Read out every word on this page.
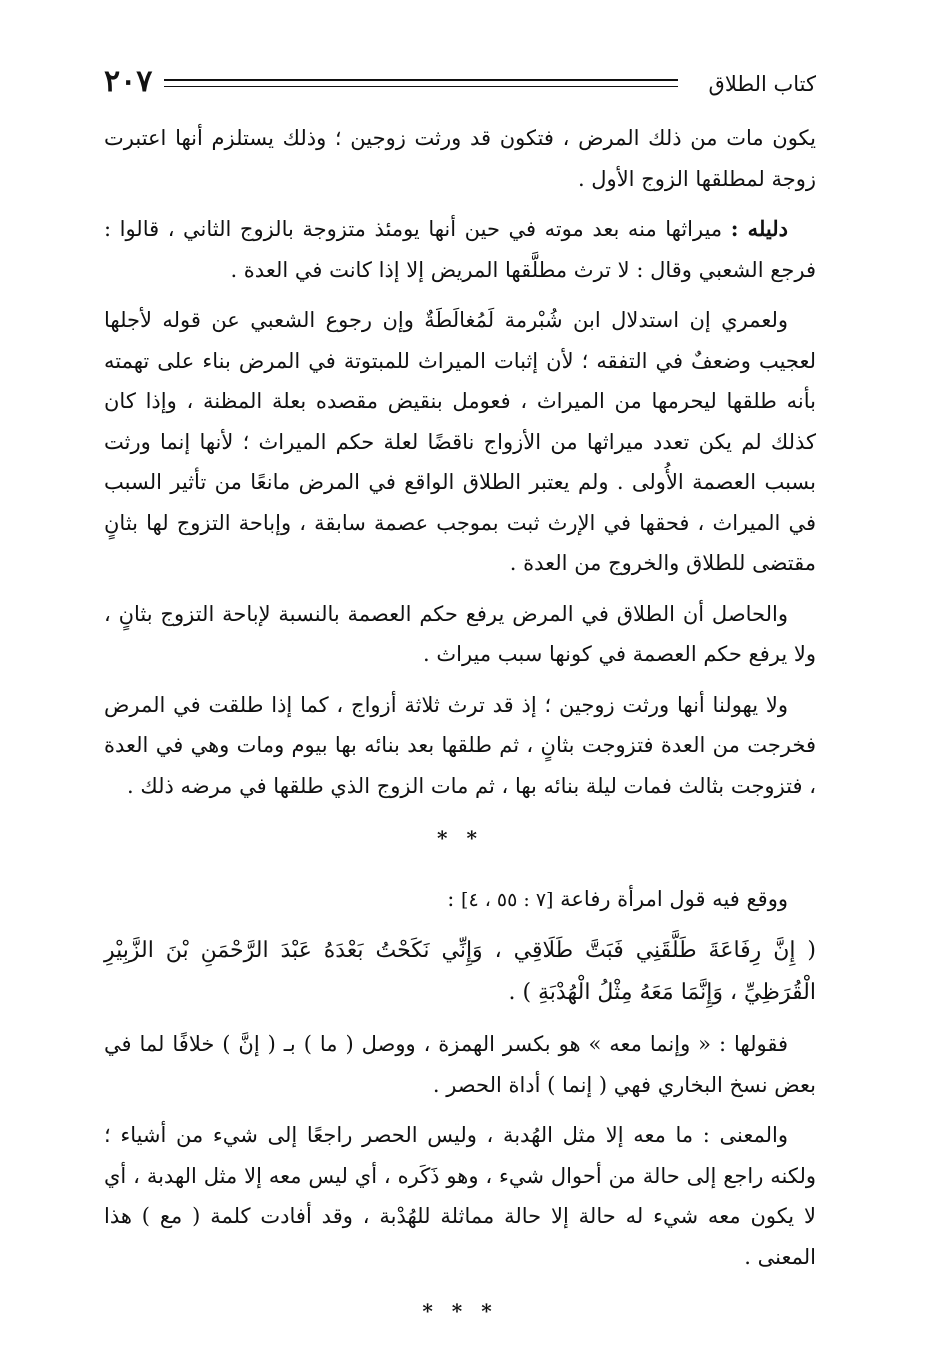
كتاب الطلاق
٢٠٧

يكون مات من ذلك المرض ، فتكون قد ورثت زوجين ؛ وذلك يستلزم أنها اعتبرت زوجة لمطلقها الزوج الأول .

دليله : ميراثها منه بعد موته في حين أنها يومئذ متزوجة بالزوج الثاني ، قالوا : فرجع الشعبي وقال : لا ترث مطلَّقها المريض إلا إذا كانت في العدة .

ولعمري إن استدلال ابن شُبْرمة لَمُغالَطَةٌ وإن رجوع الشعبي عن قوله لأجلها لعجيب وضعفٌ في التفقه ؛ لأن إثبات الميراث للمبتوتة في المرض بناء على تهمته بأنه طلقها ليحرمها من الميراث ، فعومل بنقيض مقصده بعلة المظنة ، وإذا كان كذلك لم يكن تعدد ميراثها من الأزواج ناقضًا لعلة حكم الميراث ؛ لأنها إنما ورثت بسبب العصمة الأُولى . ولم يعتبر الطلاق الواقع في المرض مانعًا من تأثير السبب في الميراث ، فحقها في الإرث ثبت بموجب عصمة سابقة ، وإباحة التزوج لها بثانٍ مقتضى للطلاق والخروج من العدة .

والحاصل أن الطلاق في المرض يرفع حكم العصمة بالنسبة لإباحة التزوج بثانٍ ، ولا يرفع حكم العصمة في كونها سبب ميراث .

ولا يهولنا أنها ورثت زوجين ؛ إذ قد ترث ثلاثة أزواج ، كما إذا طلقت في المرض فخرجت من العدة فتزوجت بثانٍ ، ثم طلقها بعد بنائه بها بيوم ومات وهي في العدة ، فتزوجت بثالث فمات ليلة بنائه بها ، ثم مات الزوج الذي طلقها في مرضه ذلك .

* *

ووقع فيه قول امرأة رفاعة [٧ : ٥٥ ، ٤] :

( إِنَّ رِفَاعَةَ طَلَّقَنِي فَبَتَّ طَلَاقِي ، وَإِنِّي نَكَحْتُ بَعْدَهُ عَبْدَ الرَّحْمَنِ بْنَ الزَّبِيْرِ الْقُرَظِيِّ ، وَإِنَّمَا مَعَهُ مِثْلُ الْهُدْبَةِ ) .

فقولها : « وإنما معه » هو بكسر الهمزة ، ووصل ( ما ) بـ ( إنَّ ) خلافًا لما في بعض نسخ البخاري فهي ( إنما ) أداة الحصر .

والمعنى : ما معه إلا مثل الهُدبة ، وليس الحصر راجعًا إلى شيء من أشياء ؛ ولكنه راجع إلى حالة من أحوال شيء ، وهو ذَكَره ، أي ليس معه إلا مثل الهدبة ، أي لا يكون معه شيء له حالة إلا حالة مماثلة للهُدْبة ، وقد أفادت كلمة ( مع ) هذا المعنى .

* * *
